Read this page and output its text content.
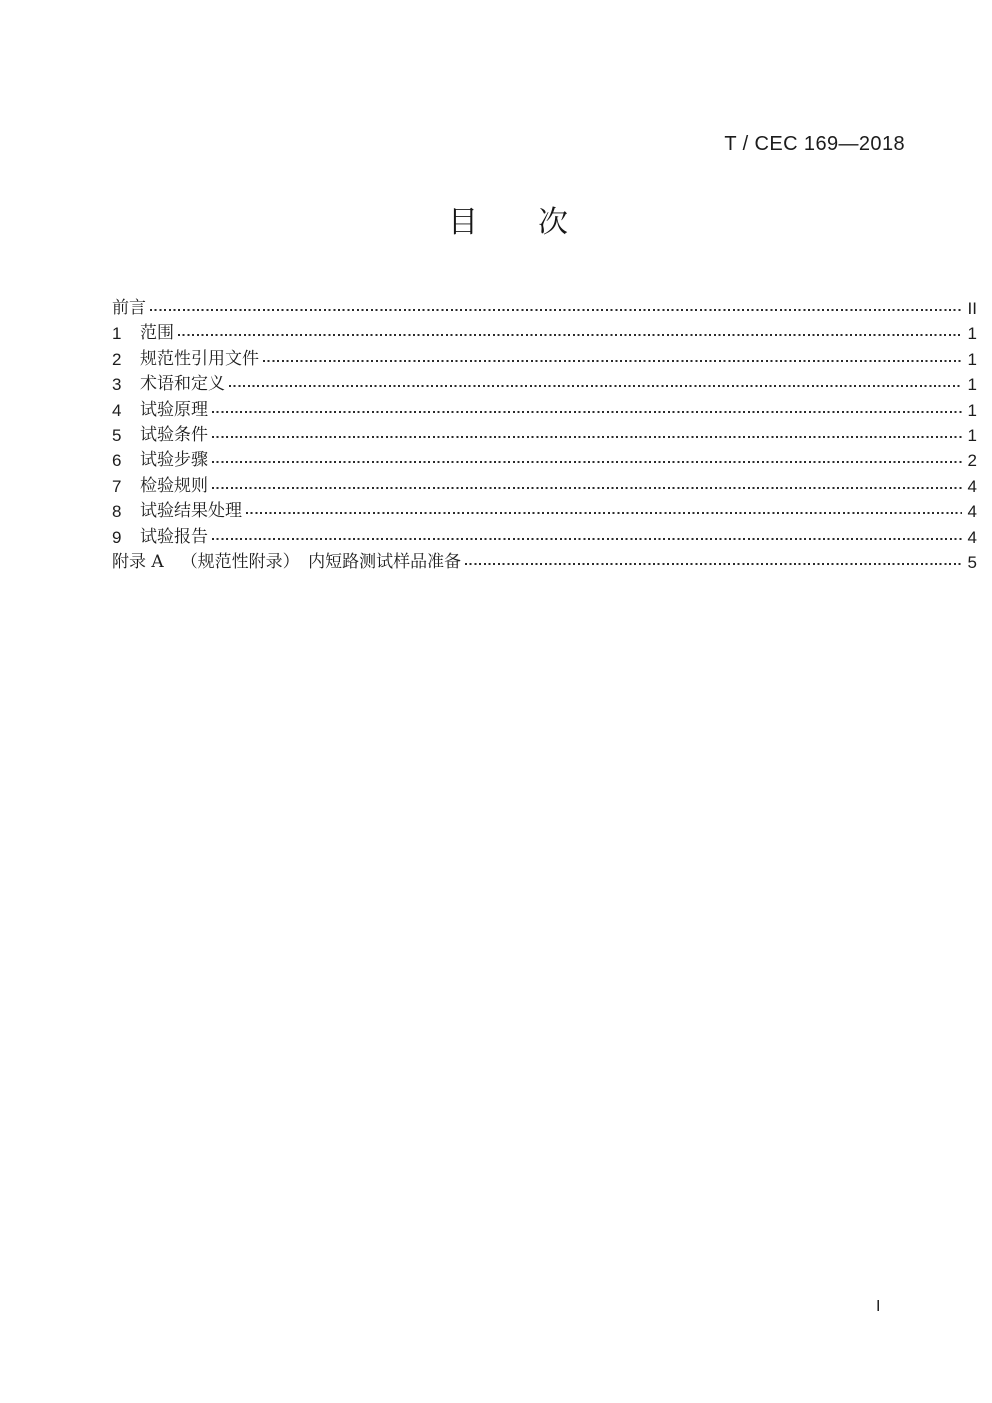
T / CEC 169—2018
目次
前言	II
1	范围	1
2	规范性引用文件	1
3	术语和定义	1
4	试验原理	1
5	试验条件	1
6	试验步骤	2
7	检验规则	4
8	试验结果处理	4
9	试验报告	4
附录 A （规范性附录）　内短路测试样品准备	5
I
